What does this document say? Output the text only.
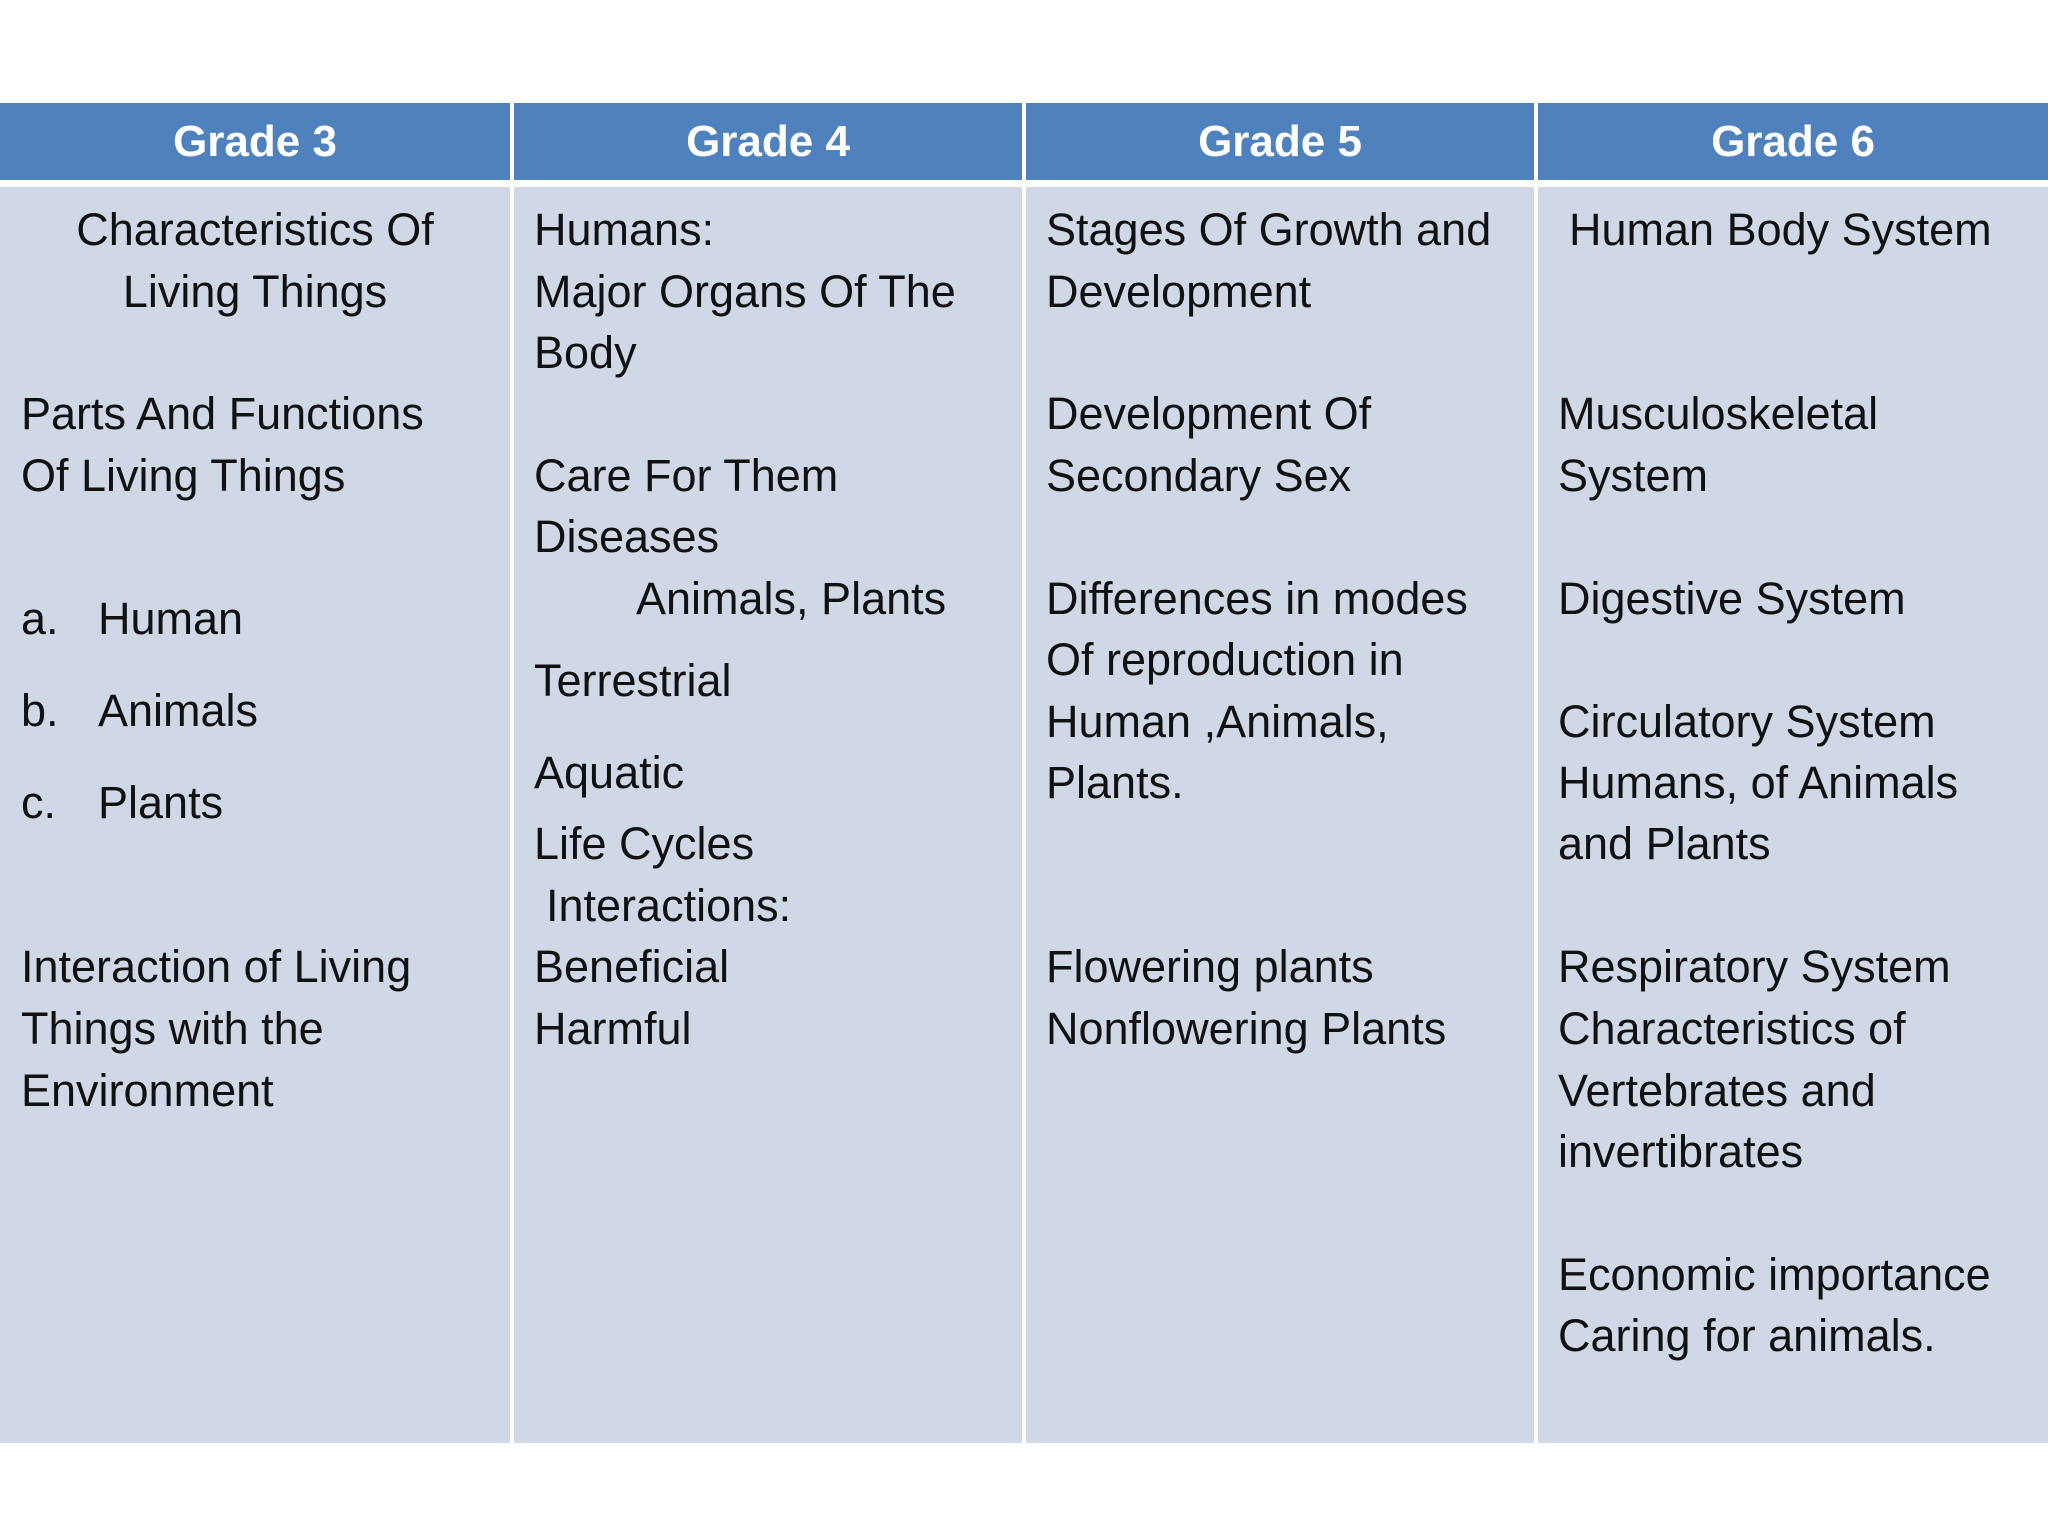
Grade 3
Characteristics Of
Living Things
Parts And Functions
Of Living Things
a. Human
b. Animals
c. Plants
Interaction of Living
Things with the
Environment
Grade 4
Humans:
Major Organs Of The
Body
Care For Them
Diseases
Animals, Plants
Terrestrial
Aquatic
Life Cycles
Interactions:
Beneficial
Harmful
Grade 5
Stages Of Growth and
Development
Development Of
Secondary Sex
Differences in modes
Of reproduction in
Human ,Animals,
Plants.
Flowering plants
Nonflowering Plants
Grade 6
Human Body System
Musculoskeletal
System
Digestive System
Circulatory System
Humans, of Animals
and Plants
Respiratory System
Characteristics of
Vertebrates and
invertibrates
Economic importance
Caring for animals.
